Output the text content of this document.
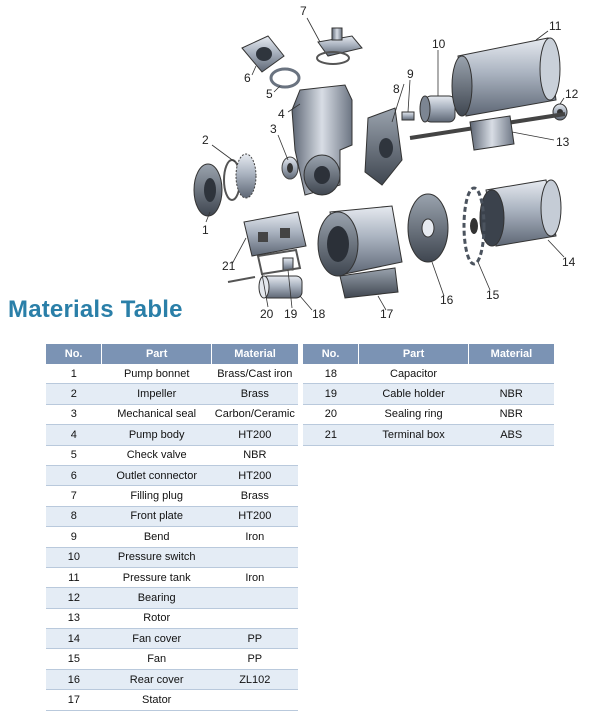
1
2
3
4
5
6
7
8
9
10
11
12
13
14
15
16
17
18
19
20
21
Materials Table
No.	Part	Material
1	Pump bonnet	Brass/Cast iron
2	Impeller	Brass
3	Mechanical seal	Carbon/Ceramic
4	Pump body	HT200
5	Check valve	NBR
6	Outlet connector	HT200
7	Filling plug	Brass
8	Front plate	HT200
9	Bend	Iron
10	Pressure switch	
11	Pressure tank	Iron
12	Bearing	
13	Rotor	
14	Fan cover	PP
15	Fan	PP
16	Rear cover	ZL102
17	Stator	
No.	Part	Material
18	Capacitor	
19	Cable holder	NBR
20	Sealing ring	NBR
21	Terminal box	ABS
